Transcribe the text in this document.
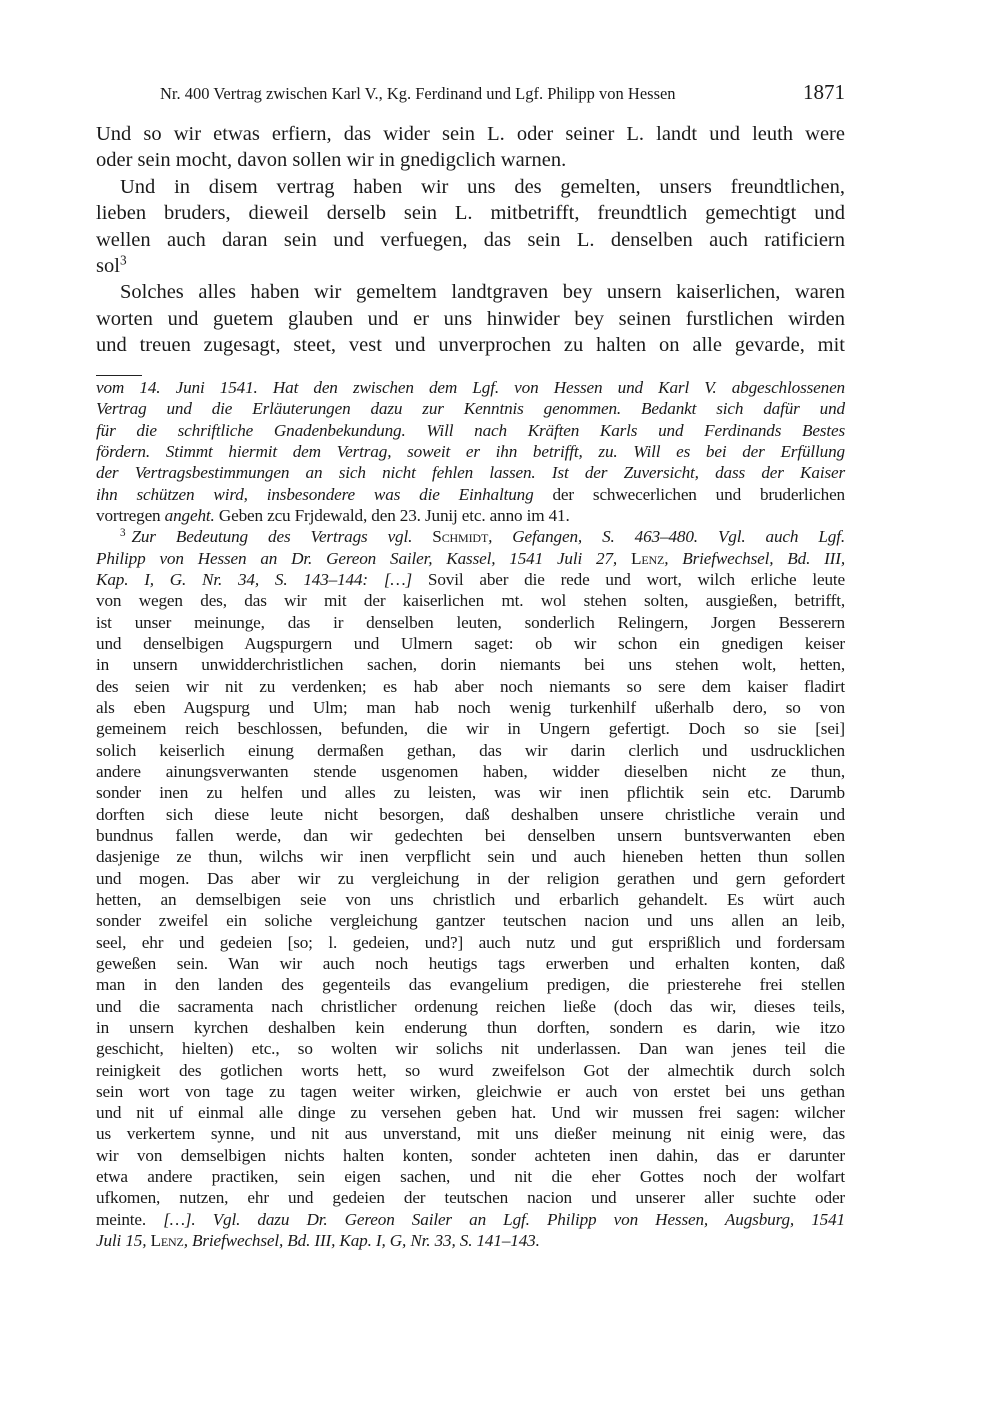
Nr. 400 Vertrag zwischen Karl V., Kg. Ferdinand und Lgf. Philipp von Hessen	1871
Und so wir etwas erfiern, das wider sein L. oder seiner L. landt und leuth were
oder sein mocht, davon sollen wir in gnedigclich warnen.
Und in disem vertrag haben wir uns des gemelten, unsers freundtlichen,
lieben bruders, dieweil derselb sein L. mitbetrifft, freundtlich gemechtigt und
wellen auch daran sein und verfuegen, das sein L. denselben auch ratificiern
sol$^3$
Solches alles haben wir gemeltem landtgraven bey unsern kaiserlichen, waren
worten und guetem glauben und er uns hinwider bey seinen furstlichen wirden
und treuen zugesagt, steet, vest und unverprochen zu halten on alle gevarde, mit
vom 14. Juni 1541. Hat den zwischen dem Lgf. von Hessen und Karl V. abgeschlossenen
Vertrag und die Erläuterungen dazu zur Kenntnis genommen. Bedankt sich dafür und
für die schriftliche Gnadenbekundung. Will nach Kräften Karls und Ferdinands Bestes
fördern. Stimmt hiermit dem Vertrag, soweit er ihn betrifft, zu. Will es bei der Erfüllung
der Vertragsbestimmungen an sich nicht fehlen lassen. Ist der Zuversicht, dass der Kaiser
ihn schützen wird, insbesondere was die Einhaltung der schwecerlichen und bruderlichen
vortregen angeht. Geben zcu Frjdewald, den 23. Junij etc. anno im 41.
$^3$ Zur Bedeutung des Vertrags vgl. Schmidt, Gefangen, S. 463–480. Vgl. auch Lgf.
Philipp von Hessen an Dr. Gereon Sailer, Kassel, 1541 Juli 27, Lenz, Briefwechsel, Bd. III,
Kap. I, G. Nr. 34, S. 143–144: […] Sovil aber die rede und wort, wilch erliche leute
von wegen des, das wir mit der kaiserlichen mt. wol stehen solten, ausgießen, betrifft,
ist unser meinunge, das ir denselben leuten, sonderlich Relingern, Jorgen Besserern
und denselbigen Augspurgern und Ulmern saget: ob wir schon ein gnedigen keiser
in unsern unwidderchristlichen sachen, dorin niemants bei uns stehen wolt, hetten,
des seien wir nit zu verdenken; es hab aber noch niemants so sere dem kaiser fladirt
als eben Augspurg und Ulm; man hab noch wenig turkenhilf ußerhalb dero, so von
gemeinem reich beschlossen, befunden, die wir in Ungern gefertigt. Doch so sie [sei]
solich keiserlich einung dermaßen gethan, das wir darin clerlich und usdrucklichen
andere ainungsverwanten stende usgenomen haben, widder dieselben nicht ze thun,
sonder inen zu helfen und alles zu leisten, was wir inen pflichtik sein etc. Darumb
dorften sich diese leute nicht besorgen, daß deshalben unsere christliche verain und
bundnus fallen werde, dan wir gedechten bei denselben unsern buntsverwanten eben
dasjenige ze thun, wilchs wir inen verpflicht sein und auch hieneben hetten thun sollen
und mogen. Das aber wir zu vergleichung in der religion gerathen und gern gefordert
hetten, an demselbigen seie von uns christlich und erbarlich gehandelt. Es würt auch
sonder zweifel ein soliche vergleichung gantzer teutschen nacion und uns allen an leib,
seel, ehr und gedeien [so; l. gedeien, und?] auch nutz und gut ersprißlich und fordersam
geweßen sein. Wan wir auch noch heutigs tags erwerben und erhalten konten, daß
man in den landen des gegenteils das evangelium predigen, die priesterehe frei stellen
und die sacramenta nach christlicher ordenung reichen ließe (doch das wir, dieses teils,
in unsern kyrchen deshalben kein enderung thun dorften, sondern es darin, wie itzo
geschicht, hielten) etc., so wolten wir solichs nit underlassen. Dan wan jenes teil die
reinigkeit des gotlichen worts hett, so wurd zweifelson Got der almechtik durch solch
sein wort von tage zu tagen weiter wirken, gleichwie er auch von erstet bei uns gethan
und nit uf einmal alle dinge zu versehen geben hat. Und wir mussen frei sagen: wilcher
us verkertem synne, und nit aus unverstand, mit uns dießer meinung nit einig were, das
wir von demselbigen nichts halten konten, sonder achteten inen dahin, das er darunter
etwa andere practiken, sein eigen sachen, und nit die eher Gottes noch der wolfart
ufkomen, nutzen, ehr und gedeien der teutschen nacion und unserer aller suchte oder
meinte. […]. Vgl. dazu Dr. Gereon Sailer an Lgf. Philipp von Hessen, Augsburg, 1541
Juli 15, Lenz, Briefwechsel, Bd. III, Kap. I, G, Nr. 33, S. 141–143.
